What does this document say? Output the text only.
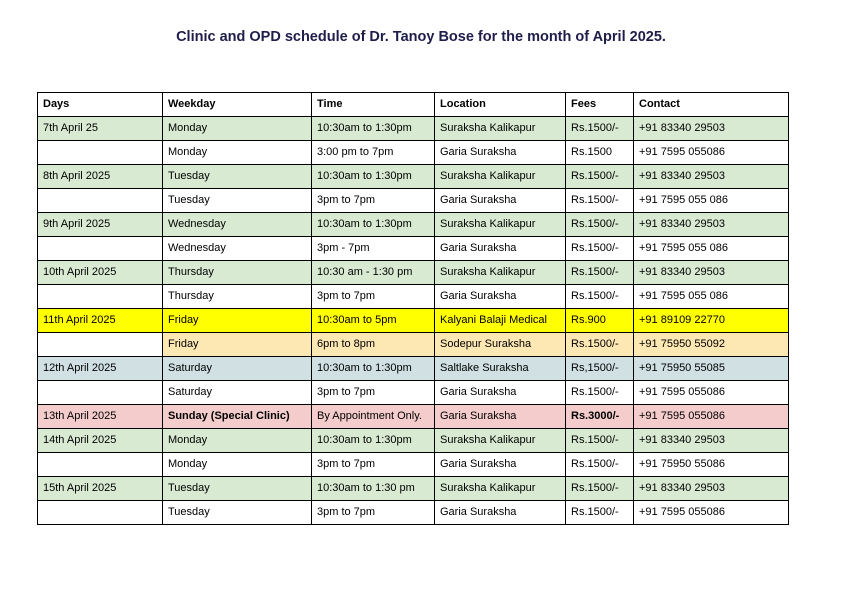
Clinic and OPD schedule of Dr. Tanoy Bose for the month of April 2025.
Days	Weekday	Time	Location	Fees	Contact
7th April 25	Monday	10:30am to 1:30pm	Suraksha Kalikapur	Rs.1500/-	+91 83340 29503
	Monday	3:00 pm to 7pm	Garia Suraksha	Rs.1500	+91 7595 055086
8th April 2025	Tuesday	10:30am to 1:30pm	Suraksha Kalikapur	Rs.1500/-	+91 83340 29503
	Tuesday	3pm to 7pm	Garia Suraksha	Rs.1500/-	+91 7595 055 086
9th April 2025	Wednesday	10:30am to 1:30pm	Suraksha Kalikapur	Rs.1500/-	+91 83340 29503
	Wednesday	3pm - 7pm	Garia Suraksha	Rs.1500/-	+91 7595 055 086
10th April 2025	Thursday	10:30 am - 1:30 pm	Suraksha Kalikapur	Rs.1500/-	+91 83340 29503
	Thursday	3pm to 7pm	Garia Suraksha	Rs.1500/-	+91 7595 055 086
11th April 2025	Friday	10:30am to 5pm	Kalyani Balaji Medical	Rs.900	+91 89109 22770
	Friday	6pm to 8pm	Sodepur Suraksha	Rs.1500/-	+91 75950 55092
12th April 2025	Saturday	10:30am to 1:30pm	Saltlake Suraksha	Rs,1500/-	+91 75950 55085
	Saturday	3pm to 7pm	Garia Suraksha	Rs.1500/-	+91 7595 055086
13th April 2025	Sunday (Special Clinic)	By Appointment Only.	Garia Suraksha	Rs.3000/-	+91 7595 055086
14th April 2025	Monday	10:30am to 1:30pm	Suraksha Kalikapur	Rs.1500/-	+91 83340 29503
	Monday	3pm to 7pm	Garia Suraksha	Rs.1500/-	+91 75950 55086
15th April 2025	Tuesday	10:30am to 1:30 pm	Suraksha Kalikapur	Rs.1500/-	+91 83340 29503
	Tuesday	3pm to 7pm	Garia Suraksha	Rs.1500/-	+91 7595 055086
